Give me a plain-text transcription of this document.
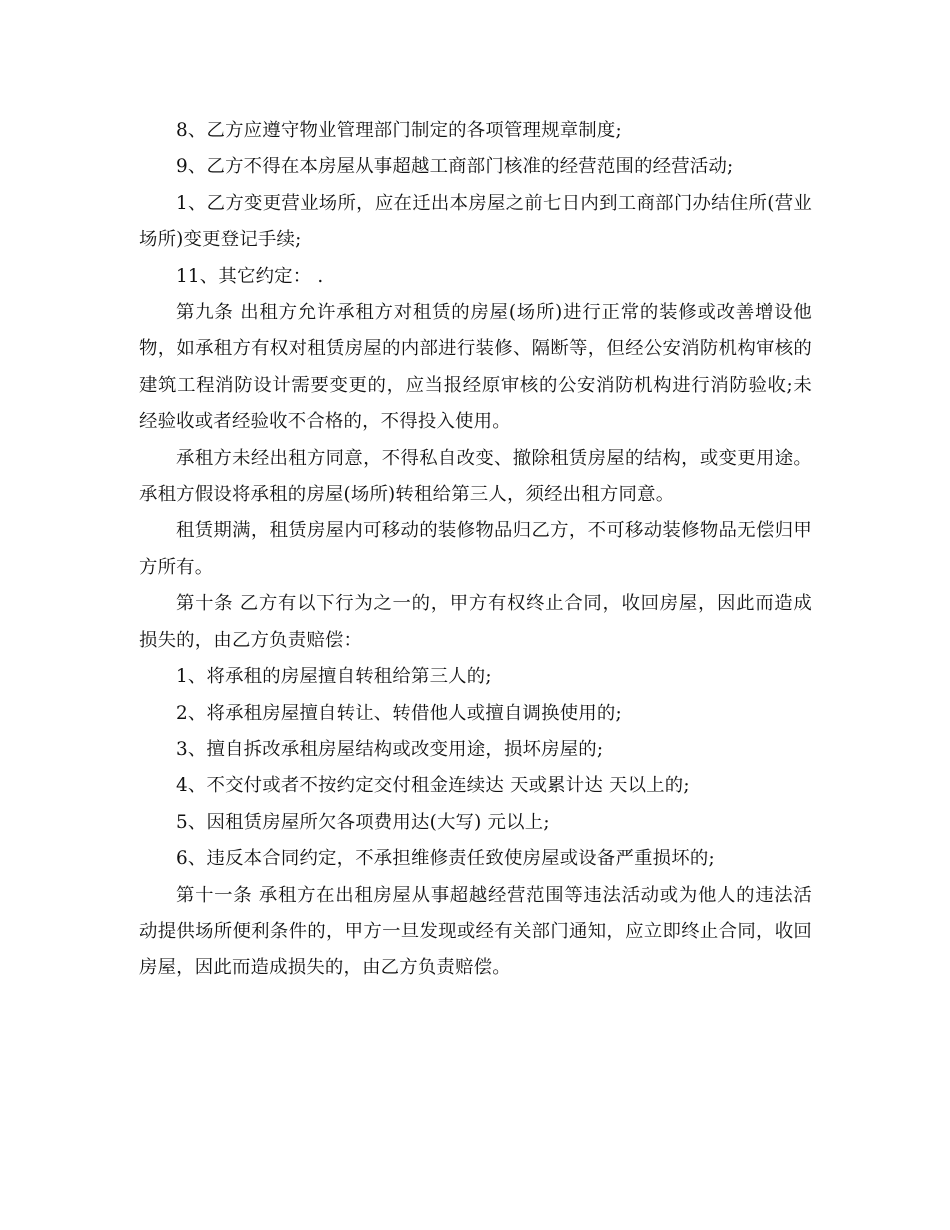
8、乙方应遵守物业管理部门制定的各项管理规章制度;

9、乙方不得在本房屋从事超越工商部门核准的经营范围的经营活动;

1、乙方变更营业场所，应在迁出本房屋之前七日内到工商部门办结住所(营业场所)变更登记手续;

11、其它约定： .

第九条 出租方允许承租方对租赁的房屋(场所)进行正常的装修或改善增设他物，如承租方有权对租赁房屋的内部进行装修、隔断等，但经公安消防机构审核的建筑工程消防设计需要变更的，应当报经原审核的公安消防机构进行消防验收;未经验收或者经验收不合格的，不得投入使用。

承租方未经出租方同意，不得私自改变、撤除租赁房屋的结构，或变更用途。承租方假设将承租的房屋(场所)转租给第三人，须经出租方同意。

租赁期满，租赁房屋内可移动的装修物品归乙方，不可移动装修物品无偿归甲方所有。

第十条 乙方有以下行为之一的，甲方有权终止合同，收回房屋，因此而造成损失的，由乙方负责赔偿：

1、将承租的房屋擅自转租给第三人的;

2、将承租房屋擅自转让、转借他人或擅自调换使用的;

3、擅自拆改承租房屋结构或改变用途，损坏房屋的;

4、不交付或者不按约定交付租金连续达 天或累计达 天以上的;

5、因租赁房屋所欠各项费用达(大写) 元以上;

6、违反本合同约定，不承担维修责任致使房屋或设备严重损坏的;

第十一条 承租方在出租房屋从事超越经营范围等违法活动或为他人的违法活动提供场所便利条件的，甲方一旦发现或经有关部门通知，应立即终止合同，收回房屋，因此而造成损失的，由乙方负责赔偿。
